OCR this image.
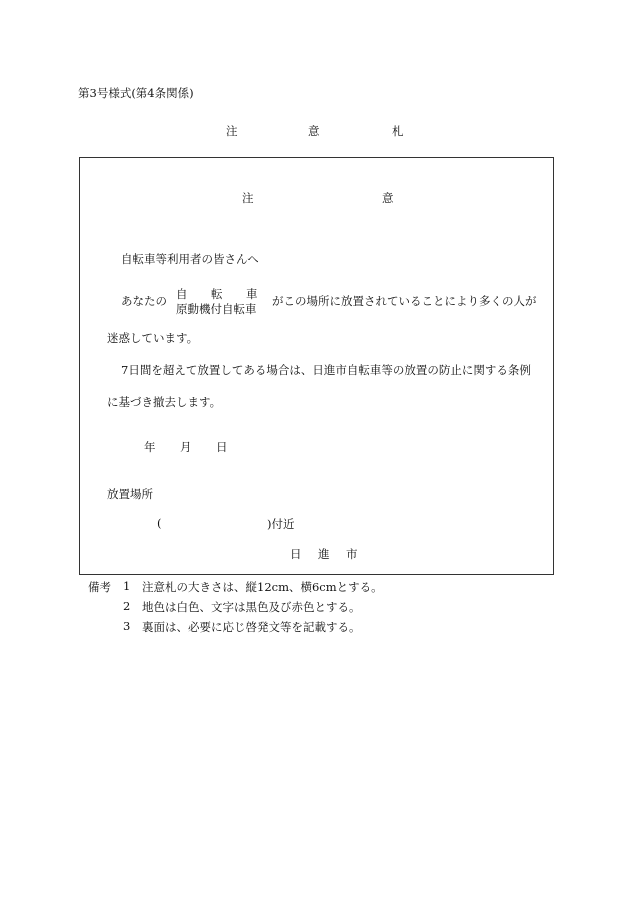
第3号様式(第4条関係)
注	意	札
注	意
自転車等利用者の皆さんへ
あなたの 自 転 車
原動機付自転車
がこの場所に放置されていることにより多くの人が
迷惑しています。
7日間を超えて放置してある場合は、日進市自転車等の放置の防止に関する条例
に基づき撤去します。
年 月 日
放置場所
(	)付近
日 進 市
備考 1 注意札の大きさは、縦12cm、横6cmとする。
2 地色は白色、文字は黒色及び赤色とする。
3 裏面は、必要に応じ啓発文等を記載する。
